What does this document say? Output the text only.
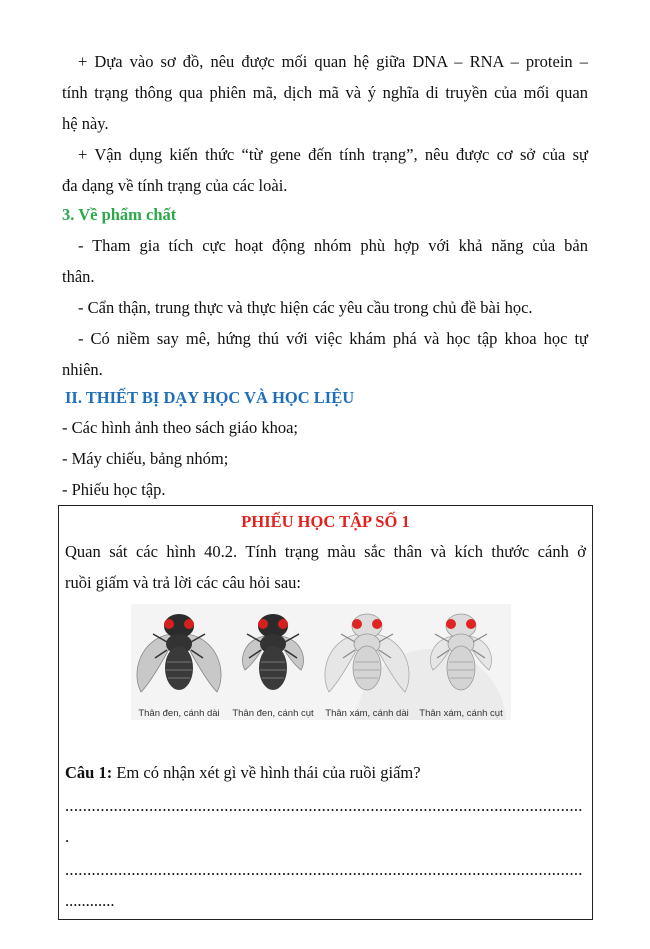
+ Dựa vào sơ đồ, nêu được mối quan hệ giữa DNA – RNA – protein –
tính trạng thông qua phiên mã, dịch mã và ý nghĩa di truyền của mối quan
hệ này.
+ Vận dụng kiến thức “từ gene đến tính trạng”, nêu được cơ sở của sự
đa dạng về tính trạng của các loài.
3. Về phẩm chất
- Tham gia tích cực hoạt động nhóm phù hợp với khả năng của bản
thân.
- Cẩn thận, trung thực và thực hiện các yêu cầu trong chủ đề bài học.
- Có niềm say mê, hứng thú với việc khám phá và học tập khoa học tự
nhiên.
II. THIẾT BỊ DẠY HỌC VÀ HỌC LIỆU
- Các hình ảnh theo sách giáo khoa;
- Máy chiếu, bảng nhóm;
- Phiếu học tập.
PHIẾU HỌC TẬP SỐ 1
Quan sát các hình 40.2. Tính trạng màu sắc thân và kích thước cánh ở
ruồi giấm và trả lời các câu hỏi sau:
Thân đen, cánh dài Thân đen, cánh cụt Thân xám, cánh dài Thân xám, cánh cụt
Câu 1: Em có nhận xét gì về hình thái của ruồi giấm?
.....................................................................................................................
.
.....................................................................................................................
............
